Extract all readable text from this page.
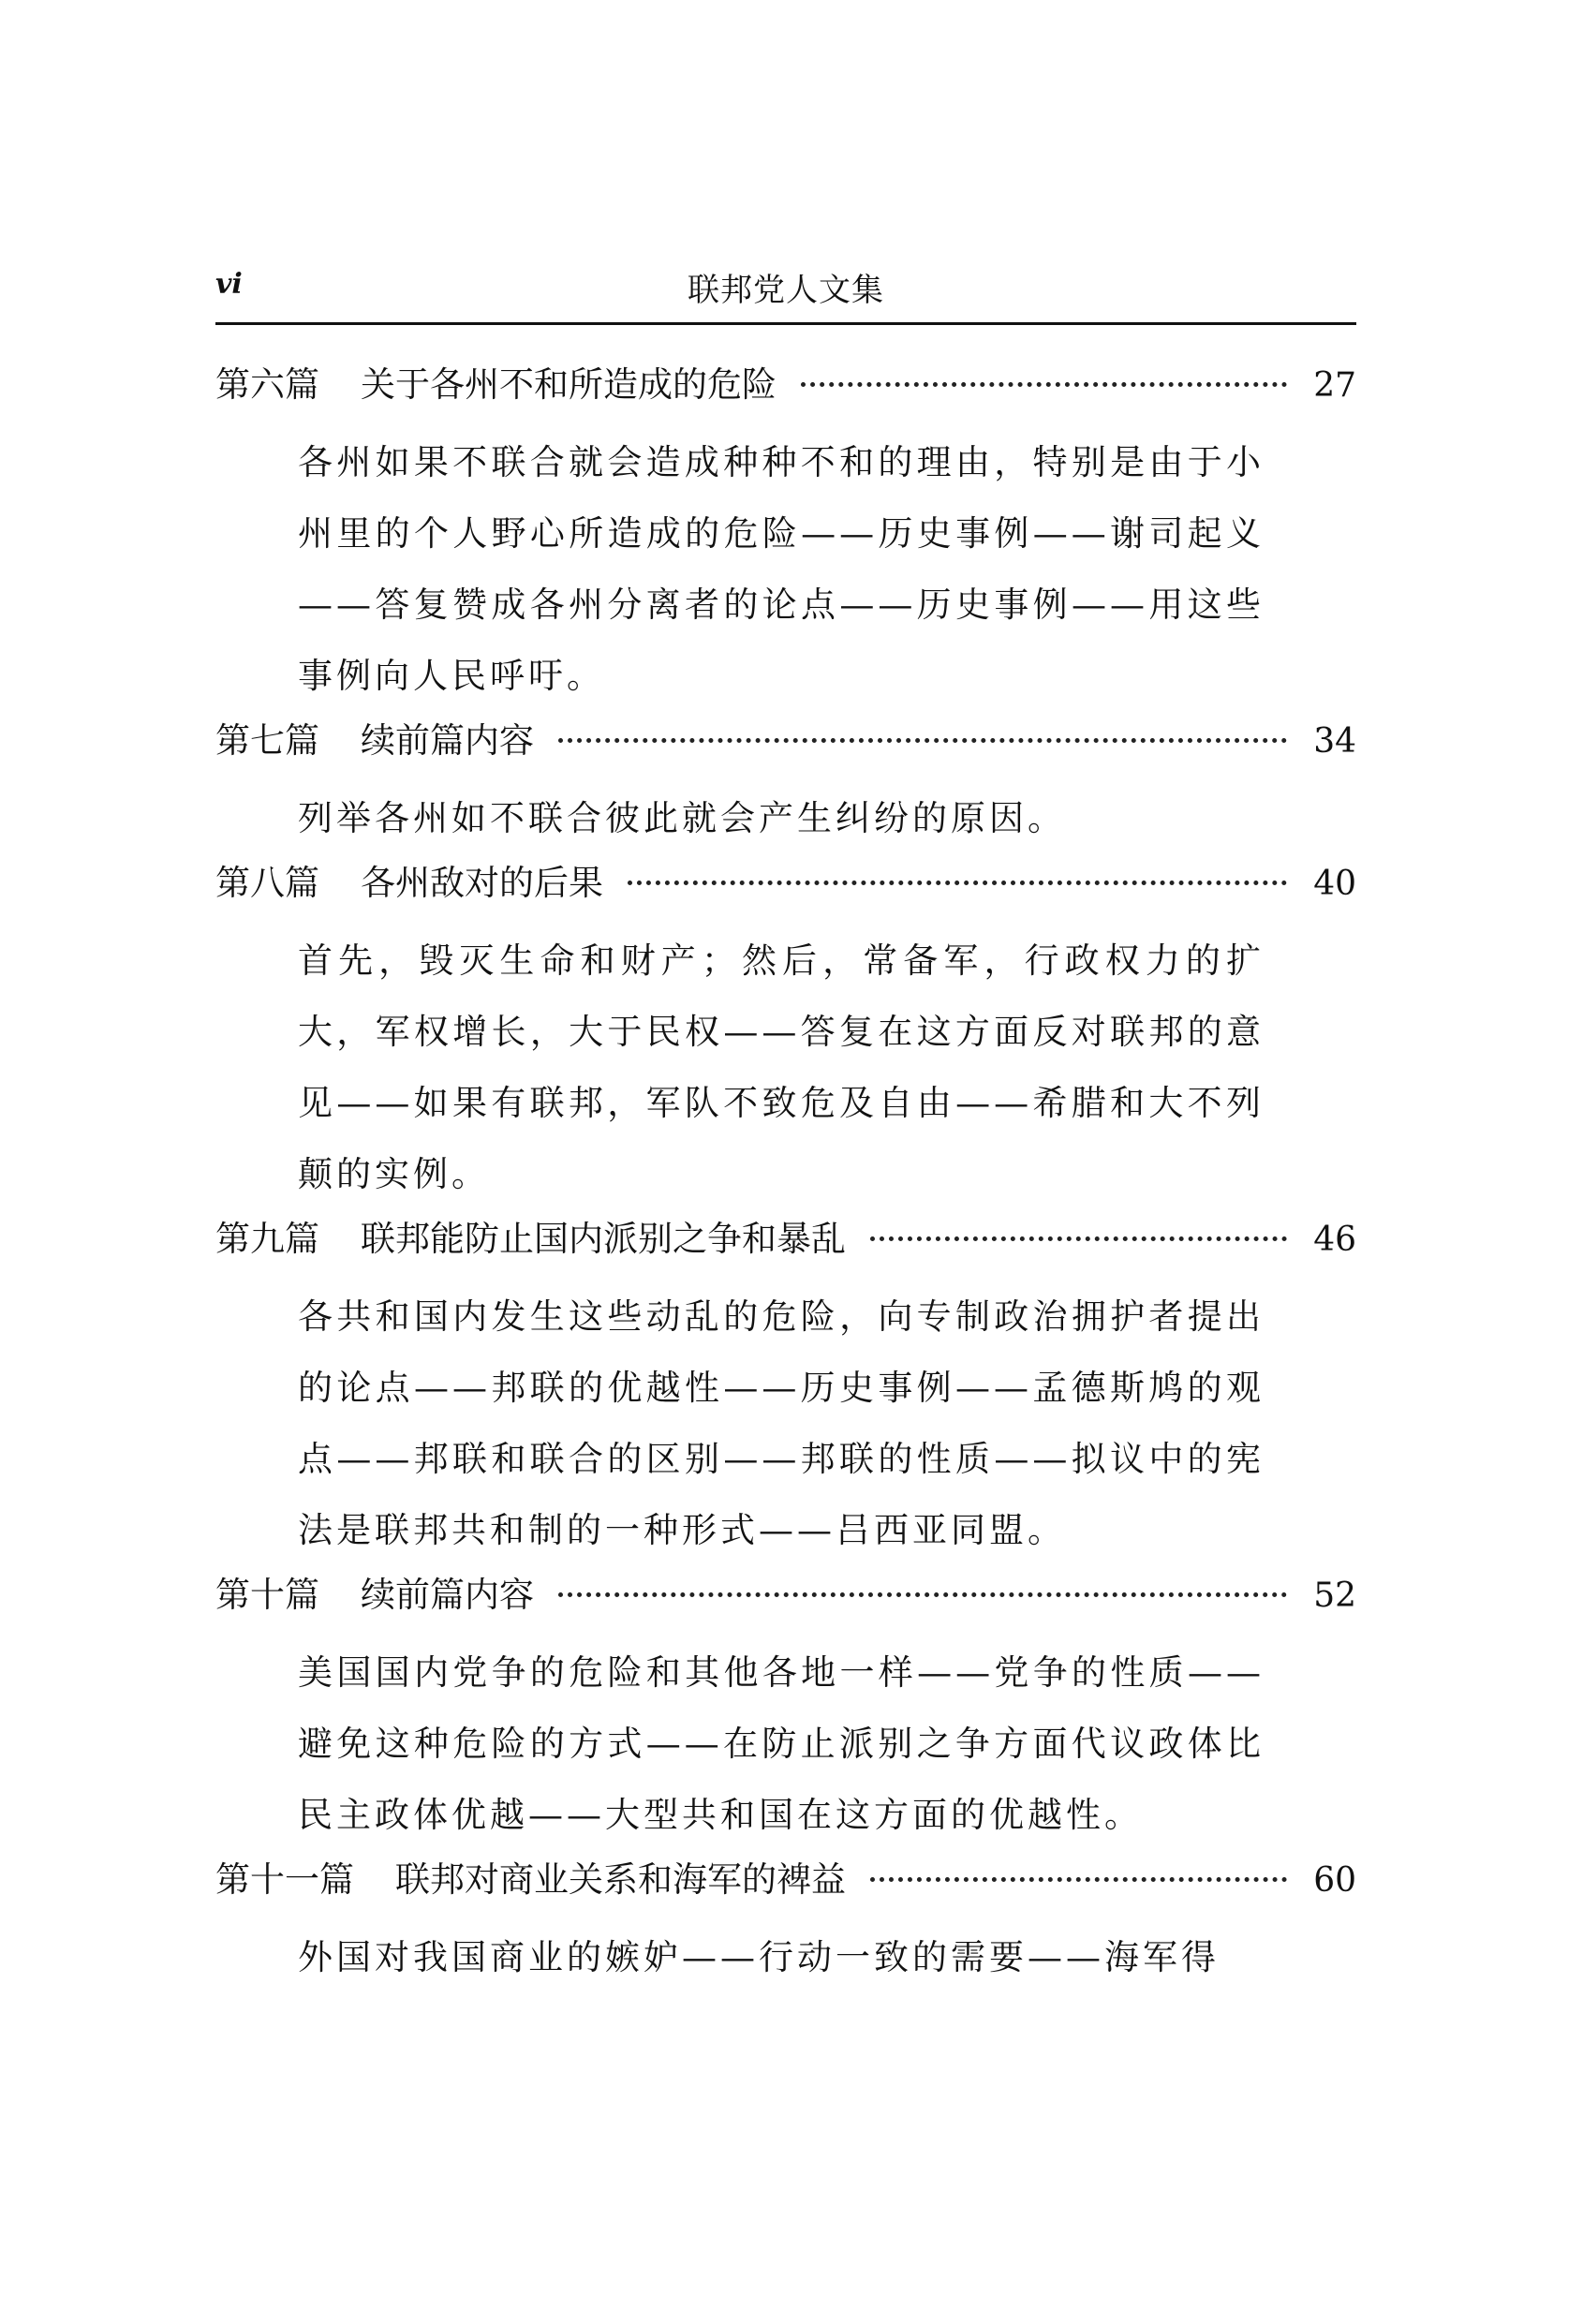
vi	联邦党人文集
第六篇 关于各州不和所造成的危险	27
各州如果不联合就会造成种种不和的理由，特别是由于小州里的个人野心所造成的危险——历史事例——谢司起义——答复赞成各州分离者的论点——历史事例——用这些事例向人民呼吁。
第七篇 续前篇内容	34
列举各州如不联合彼此就会产生纠纷的原因。
第八篇 各州敌对的后果	40
首先，毁灭生命和财产；然后，常备军，行政权力的扩大，军权增长，大于民权——答复在这方面反对联邦的意见——如果有联邦，军队不致危及自由——希腊和大不列颠的实例。
第九篇 联邦能防止国内派别之争和暴乱	46
各共和国内发生这些动乱的危险，向专制政治拥护者提出的论点——邦联的优越性——历史事例——孟德斯鸠的观点——邦联和联合的区别——邦联的性质——拟议中的宪法是联邦共和制的一种形式——吕西亚同盟。
第十篇 续前篇内容	52
美国国内党争的危险和其他各地一样——党争的性质——避免这种危险的方式——在防止派别之争方面代议政体比民主政体优越——大型共和国在这方面的优越性。
第十一篇 联邦对商业关系和海军的裨益	60
外国对我国商业的嫉妒——行动一致的需要——海军得
